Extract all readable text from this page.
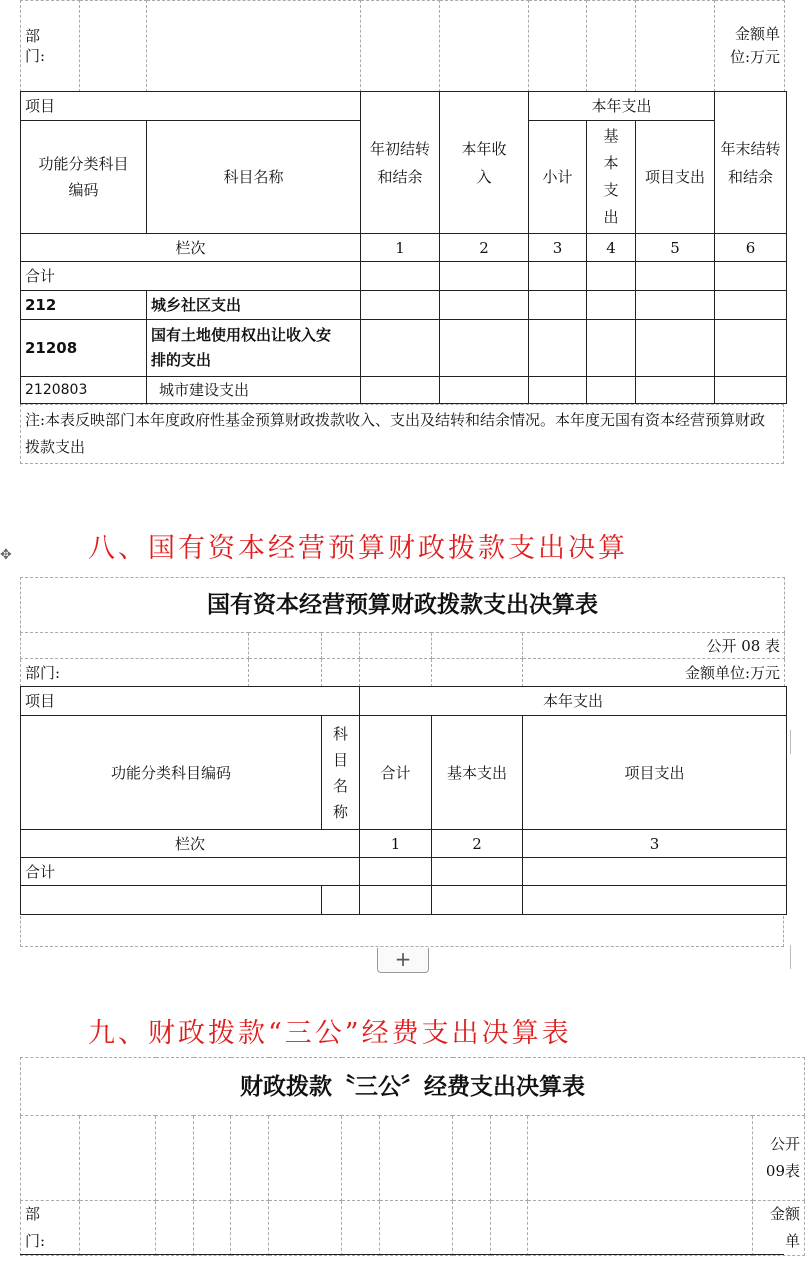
部门:
								金额单位:万元
项目		年初结转和结余	本年收入	本年支出			年末结转和结余
功能分类科目编码	科目名称			小计	基本支出	项目支出	
栏次		1	2	3	4	5	6
合计							
212	城乡社区支出						
21208	国有土地使用权出让收入安排的支出						
2120803	城市建设支出						
注:本表反映部门本年度政府性基金预算财政拨款收入、支出及结转和结余情况。本年度无国有资本经营预算财政拨款支出
✥	八、国有资本经营预算财政拨款支出决算
国有资本经营预算财政拨款支出决算表					
					公开 08 表
部门:					金额单位:万元
项目		本年支出		
功能分类科目编码	科目名称	合计	基本支出	项目支出
栏次		1	2	3
合计				

+
九、财政拨款“三公”经费支出决算表
财政拨款〝三公〞经费支出决算表											
											公开09表

部门:											金额单
